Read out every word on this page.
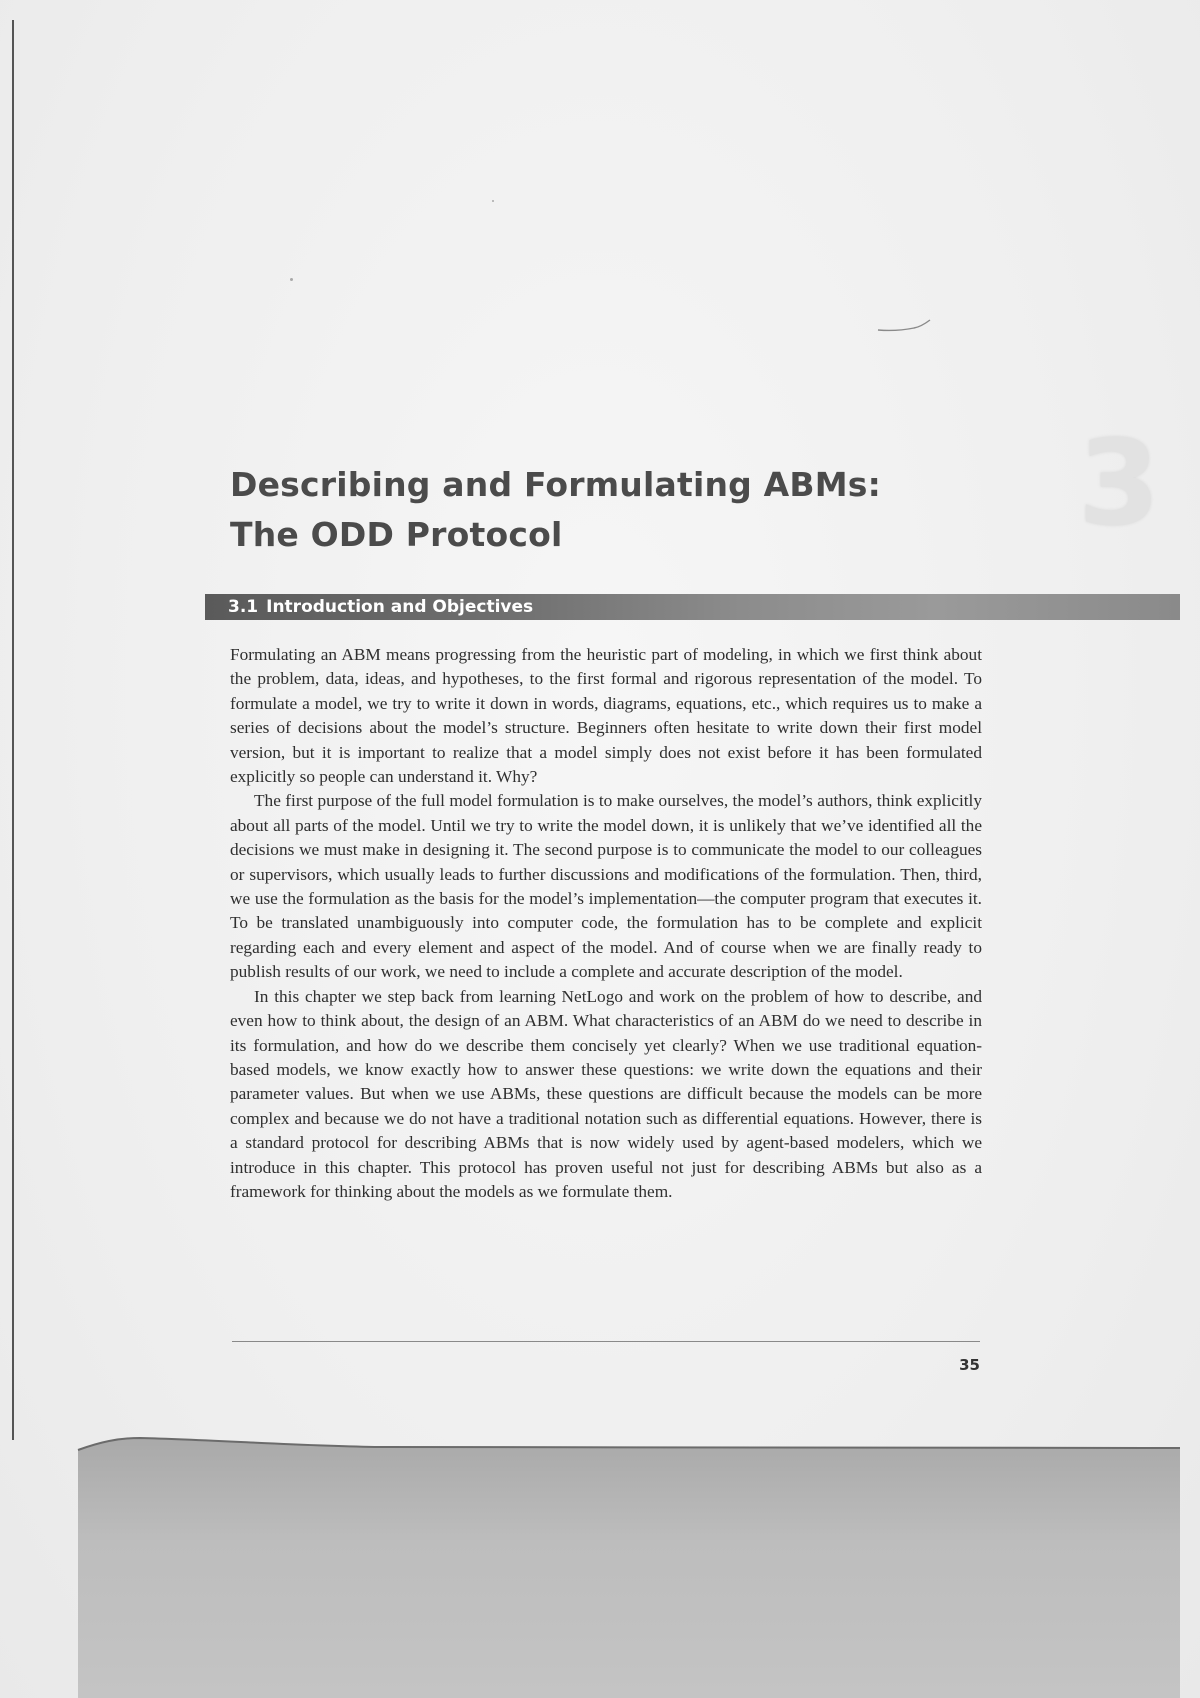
3
Describing and Formulating ABMs:
The ODD Protocol
3.1 Introduction and Objectives

Formulating an ABM means progressing from the heuristic part of modeling, in which we first think about the problem, data, ideas, and hypotheses, to the first formal and rigorous representation of the model. To formulate a model, we try to write it down in words, diagrams, equations, etc., which requires us to make a series of decisions about the model’s structure. Beginners often hesitate to write down their first model version, but it is important to realize that a model simply does not exist before it has been formulated explicitly so people can understand it. Why?

The first purpose of the full model formulation is to make ourselves, the model’s authors, think explicitly about all parts of the model. Until we try to write the model down, it is unlikely that we’ve identified all the decisions we must make in designing it. The second purpose is to communicate the model to our colleagues or supervisors, which usually leads to further discussions and modifications of the formulation. Then, third, we use the formulation as the basis for the model’s implementation—the computer program that executes it. To be translated unambiguously into computer code, the formulation has to be complete and explicit regarding each and every element and aspect of the model. And of course when we are finally ready to publish results of our work, we need to include a complete and accurate description of the model.

In this chapter we step back from learning NetLogo and work on the problem of how to describe, and even how to think about, the design of an ABM. What characteristics of an ABM do we need to describe in its formulation, and how do we describe them concisely yet clearly? When we use traditional equation-based models, we know exactly how to answer these questions: we write down the equations and their parameter values. But when we use ABMs, these questions are difficult because the models can be more complex and because we do not have a traditional notation such as differential equations. However, there is a standard protocol for describing ABMs that is now widely used by agent-based modelers, which we introduce in this chapter. This protocol has proven useful not just for describing ABMs but also as a framework for thinking about the models as we formulate them.

35
